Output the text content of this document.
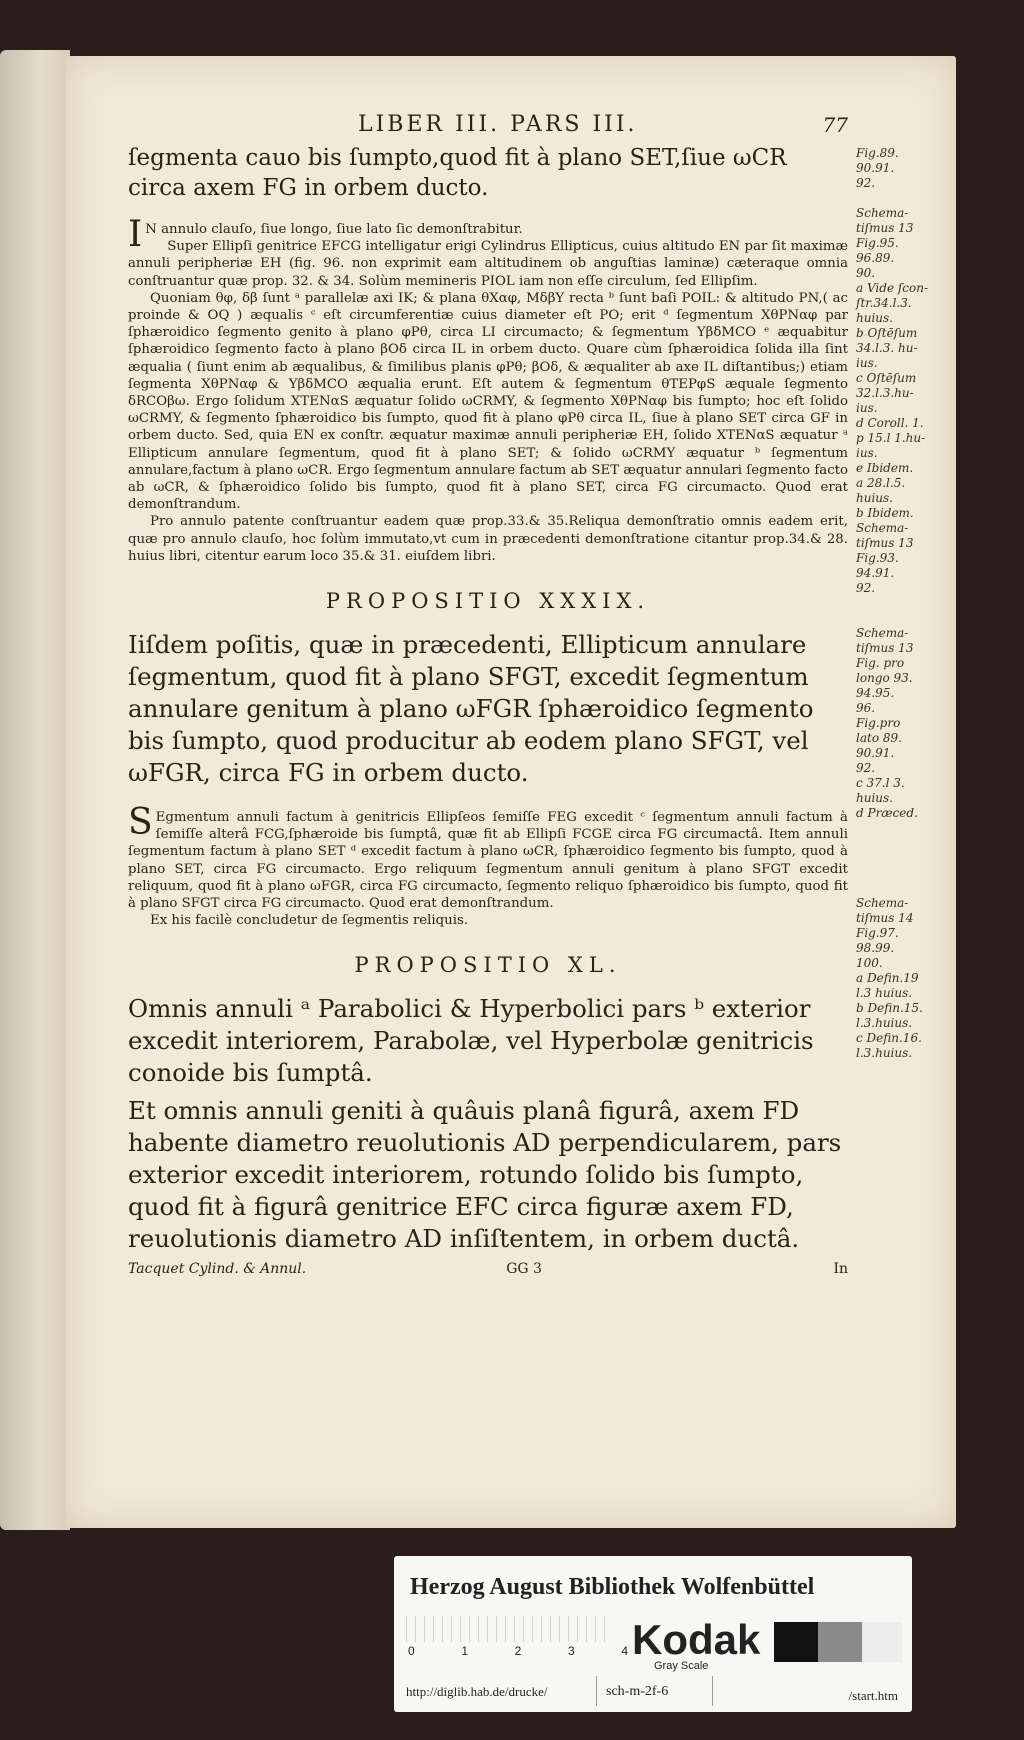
LIBER III. PARS III.	77

ſegmenta cauo bis ſumpto,quod fit à plano SET,ſiue ωCR circa axem FG in orbem ducto.

I N annulo clauſo, ſiue longo, ſiue lato ſic demonſtrabitur.

Super Ellipſi genitrice EFCG intelligatur erigi Cylindrus Ellipticus, cuius altitudo EN par ſit maximæ annuli peripheriæ EH (fig. 96. non exprimit eam altitudinem ob anguſtias laminæ) cæteraque omnia conſtruantur quæ prop. 32. & 34. Solùm memineris PIOL iam non eſſe circulum, ſed Ellipſim.

Quoniam θφ, δβ ſunt ᵃ parallelæ axi IK; & plana θXαφ, MδβY recta ᵇ ſunt baſi POIL: & altitudo PN,( ac proinde & OQ ) æqualis ᶜ eſt circumferentiæ cuius diameter eſt PO; erit ᵈ ſegmentum XθPNαφ par ſphæroidico ſegmento genito à plano φPθ, circa LI circumacto; & ſegmentum YβδMCO ᵉ æquabitur ſphæroidico ſegmento facto à plano βOδ circa IL in orbem ducto. Quare cùm ſphæroidica ſolida illa ſint æqualia ( ſiunt enim ab æqualibus, & ſimilibus planis φPθ; βOδ, & æqualiter ab axe IL diſtantibus;) etiam ſegmenta XθPNαφ & YβδMCO æqualia erunt. Eſt autem & ſegmentum θTEPφS æquale ſegmento δRCOβω. Ergo ſolidum XTENαS æquatur ſolido ωCRMY, & ſegmento XθPNαφ bis ſumpto; hoc eſt ſolido ωCRMY, & ſegmento ſphæroidico bis ſumpto, quod fit à plano φPθ circa IL, ſiue à plano SET circa GF in orbem ducto. Sed, quia EN ex conſtr. æquatur maximæ annuli peripheriæ EH, ſolido XTENαS æquatur ᵃ Ellipticum annulare ſegmentum, quod fit à plano SET; & ſolido ωCRMY æquatur ᵇ ſegmentum annulare,factum à plano ωCR. Ergo ſegmentum annulare factum ab SET æquatur annulari ſegmento facto ab ωCR, & ſphæroidico ſolido bis ſumpto, quod fit à plano SET, circa FG circumacto. Quod erat demonſtrandum.

Pro annulo patente conſtruantur eadem quæ prop.33.& 35.Reliqua demonſtratio omnis eadem erit, quæ pro annulo clauſo, hoc ſolùm immutato,vt cum in præcedenti demonſtratione citantur prop.34.& 28. huius libri, citentur earum loco 35.& 31. eiuſdem libri.

PROPOSITIO XXXIX.

Iiſdem poſitis, quæ in præcedenti, Ellipticum annulare ſegmentum, quod fit à plano SFGT, excedit ſegmentum annulare genitum à plano ωFGR ſphæroidico ſegmento bis ſumpto, quod producitur ab eodem plano SFGT, vel ωFGR, circa FG in orbem ducto.

S Egmentum annuli factum à genitricis Ellipſeos ſemiſſe FEG excedit ᶜ ſegmentum annuli factum à ſemiſſe alterâ FCG,ſphæroide bis ſumptâ, quæ fit ab Ellipſi FCGE circa FG circumactâ. Item annuli ſegmentum factum à plano SET ᵈ excedit factum à plano ωCR, ſphæroidico ſegmento bis ſumpto, quod à plano SET, circa FG circumacto. Ergo reliquum ſegmentum annuli genitum à plano SFGT excedit reliquum, quod fit à plano ωFGR, circa FG circumacto, ſegmento reliquo ſphæroidico bis ſumpto, quod fit à plano SFGT circa FG circumacto. Quod erat demonſtrandum.

Ex his facilè concludetur de ſegmentis reliquis.

PROPOSITIO XL.

Omnis annuli ᵃ Parabolici & Hyperbolici pars ᵇ exterior excedit interiorem, Parabolæ, vel Hyperbolæ genitricis conoide bis ſumptâ.

Et omnis annuli geniti à quâuis planâ figurâ, axem FD habente diametro reuolutionis AD perpendicularem, pars exterior excedit interiorem, rotundo ſolido bis ſumpto, quod fit à figurâ genitrice EFC circa figuræ axem FD, reuolutionis diametro AD inſiſtentem, in orbem ductâ.

Tacquet Cylind. & Annul.	GG 3	In
Fig.89.
90.91.
92.

Schema-
tiſmus 13
Fig.95.
96.89.
90.
a Vide ſcon-
ſtr.34.l.3.
huius.
b Oſtēſum
34.l.3. hu-
ius.
c Oſtēſum
32.l.3.hu-
ius.
d Coroll. 1.
p 15.l 1.hu-
ius.
e Ibidem.
a 28.l.5.
huius.
b Ibidem.
Schema-
tiſmus 13
Fig.93.
94.91.
92.

Schema-
tiſmus 13
Fig. pro
longo 93.
94.95.
96.
Fig.pro
lato 89.
90.91.
92.
c 37.l 3.
huius.
d Præced.

Schema-
tiſmus 14
Fig.97.
98.99.
100.
a Defin.19
l.3 huius.
b Defin.15.
l.3.huius.
c Defin.16.
l.3.huius.
Herzog August Bibliothek Wolfenbüttel
0	1	2	3	4 Kodak
Gray Scale
http://diglib.hab.de/drucke/	sch-m-2f-6	/start.htm
